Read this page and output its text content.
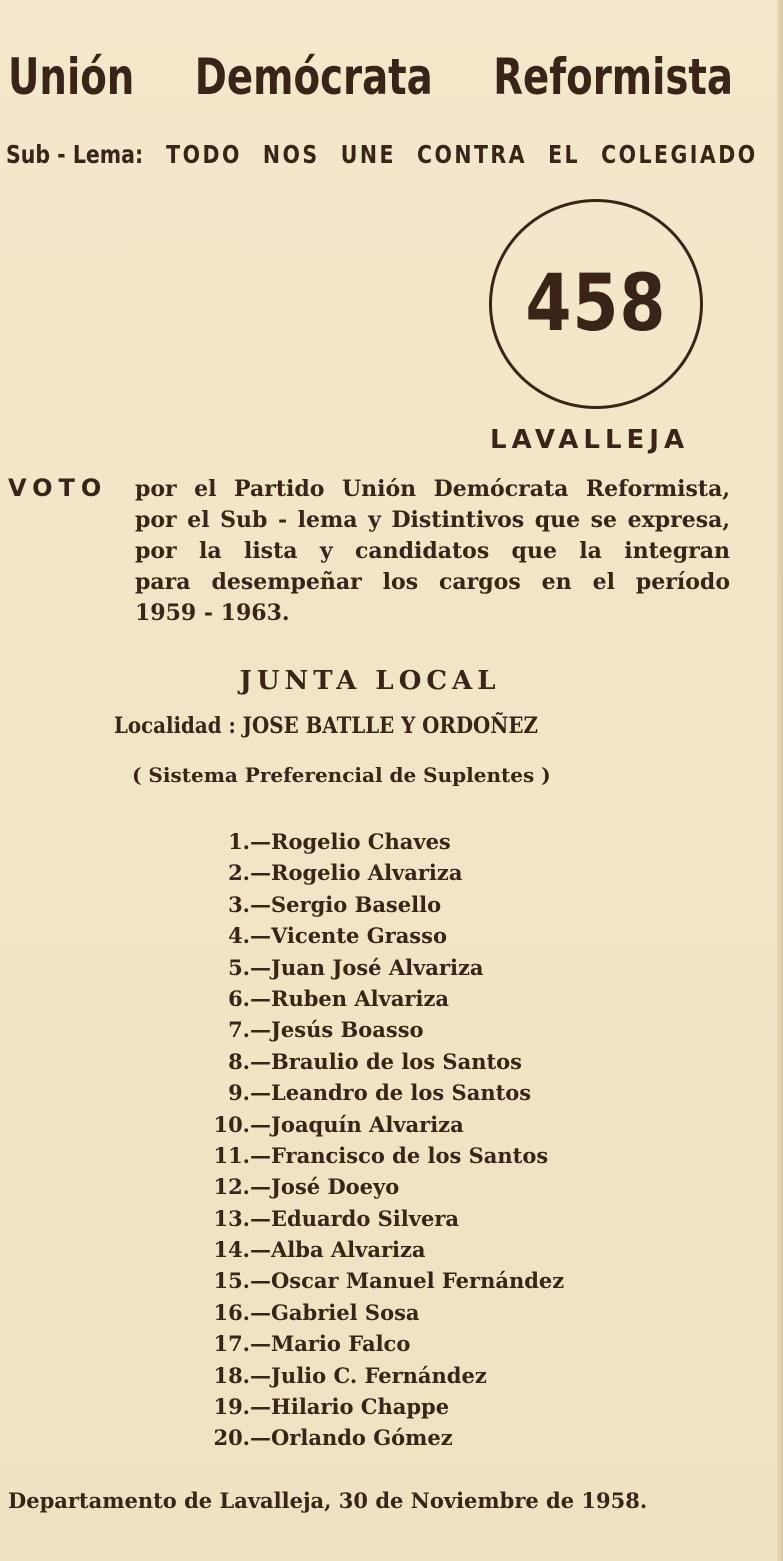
Unión Demócrata Reformista
Sub - Lema: TODO NOS UNE CONTRA EL COLEGIADO
458
LAVALLEJA
VOTO por el Partido Unión Demócrata Reformista,
por el Sub - lema y Distintivos que se expresa,
por la lista y candidatos que la integran
para desempeñar los cargos en el período
1959 - 1963.
JUNTA LOCAL
Localidad : JOSE BATLLE Y ORDOÑEZ
( Sistema Preferencial de Suplentes )
1.—Rogelio Chaves
2.—Rogelio Alvariza
3.—Sergio Basello
4.—Vicente Grasso
5.—Juan José Alvariza
6.—Ruben Alvariza
7.—Jesús Boasso
8.—Braulio de los Santos
9.—Leandro de los Santos
10.—Joaquín Alvariza
11.—Francisco de los Santos
12.—José Doeyo
13.—Eduardo Silvera
14.—Alba Alvariza
15.—Oscar Manuel Fernández
16.—Gabriel Sosa
17.—Mario Falco
18.—Julio C. Fernández
19.—Hilario Chappe
20.—Orlando Gómez
Departamento de Lavalleja, 30 de Noviembre de 1958.
